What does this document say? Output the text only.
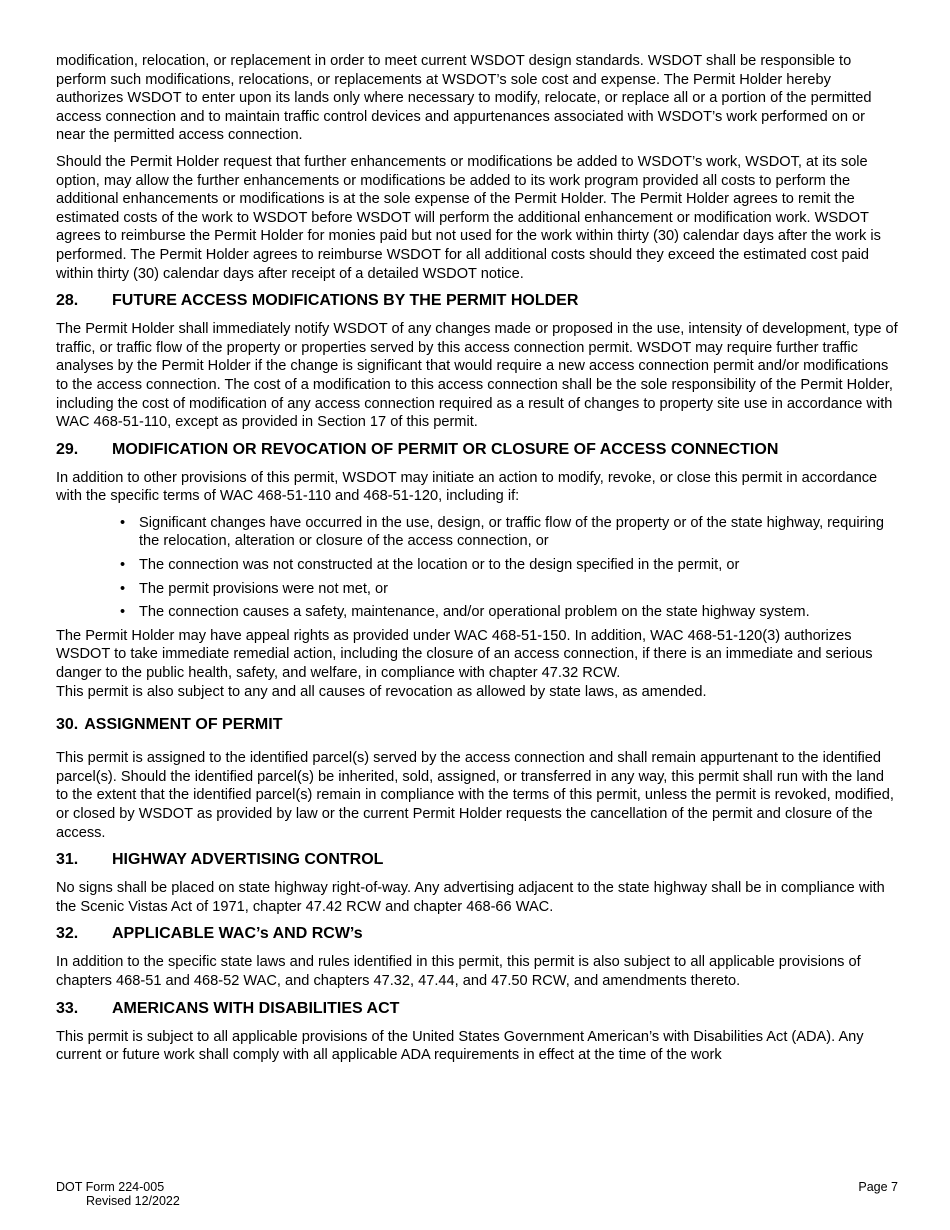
modification, relocation, or replacement in order to meet current WSDOT design standards. WSDOT shall be responsible to perform such modifications, relocations, or replacements at WSDOT’s sole cost and expense. The Permit Holder hereby authorizes WSDOT to enter upon its lands only where necessary to modify, relocate, or replace all or a portion of the permitted access connection and to maintain traffic control devices and appurtenances associated with WSDOT’s work performed on or near the permitted access connection.

Should the Permit Holder request that further enhancements or modifications be added to WSDOT’s work, WSDOT, at its sole option, may allow the further enhancements or modifications be added to its work program provided all costs to perform the additional enhancements or modifications is at the sole expense of the Permit Holder. The Permit Holder agrees to remit the estimated costs of the work to WSDOT before WSDOT will perform the additional enhancement or modification work. WSDOT agrees to reimburse the Permit Holder for monies paid but not used for the work within thirty (30) calendar days after the work is performed. The Permit Holder agrees to reimburse WSDOT for all additional costs should they exceed the estimated cost paid within thirty (30) calendar days after receipt of a detailed WSDOT notice.

28.	FUTURE ACCESS MODIFICATIONS BY THE PERMIT HOLDER

The Permit Holder shall immediately notify WSDOT of any changes made or proposed in the use, intensity of development, type of traffic, or traffic flow of the property or properties served by this access connection permit. WSDOT may require further traffic analyses by the Permit Holder if the change is significant that would require a new access connection permit and/or modifications to the access connection. The cost of a modification to this access connection shall be the sole responsibility of the Permit Holder, including the cost of modification of any access connection required as a result of changes to property site use in accordance with WAC 468-51-110, except as provided in Section 17 of this permit.

29.	MODIFICATION OR REVOCATION OF PERMIT OR CLOSURE OF ACCESS CONNECTION

In addition to other provisions of this permit, WSDOT may initiate an action to modify, revoke, or close this permit in accordance with the specific terms of WAC 468-51-110 and 468-51-120, including if:

• Significant changes have occurred in the use, design, or traffic flow of the property or of the state highway, requiring the relocation, alteration or closure of the access connection, or
• The connection was not constructed at the location or to the design specified in the permit, or
• The permit provisions were not met, or
• The connection causes a safety, maintenance, and/or operational problem on the state highway system.

The Permit Holder may have appeal rights as provided under WAC 468-51-150. In addition, WAC 468-51-120(3) authorizes WSDOT to take immediate remedial action, including the closure of an access connection, if there is an immediate and serious danger to the public health, safety, and welfare, in compliance with chapter 47.32 RCW.

This permit is also subject to any and all causes of revocation as allowed by state laws, as amended.

30. ASSIGNMENT OF PERMIT

This permit is assigned to the identified parcel(s) served by the access connection and shall remain appurtenant to the identified parcel(s). Should the identified parcel(s) be inherited, sold, assigned, or transferred in any way, this permit shall run with the land to the extent that the identified parcel(s) remain in compliance with the terms of this permit, unless the permit is revoked, modified, or closed by WSDOT as provided by law or the current Permit Holder requests the cancellation of the permit and closure of the access.

31.	HIGHWAY ADVERTISING CONTROL

No signs shall be placed on state highway right-of-way. Any advertising adjacent to the state highway shall be in compliance with the Scenic Vistas Act of 1971, chapter 47.42 RCW and chapter 468-66 WAC.

32.	APPLICABLE WAC’s AND RCW’s

In addition to the specific state laws and rules identified in this permit, this permit is also subject to all applicable provisions of chapters 468-51 and 468-52 WAC, and chapters 47.32, 47.44, and 47.50 RCW, and amendments thereto.

33.	AMERICANS WITH DISABILITIES ACT

This permit is subject to all applicable provisions of the United States Government American’s with Disabilities Act (ADA). Any current or future work shall comply with all applicable ADA requirements in effect at the time of the work

DOT Form 224-005
Revised 12/2022
Page 7
